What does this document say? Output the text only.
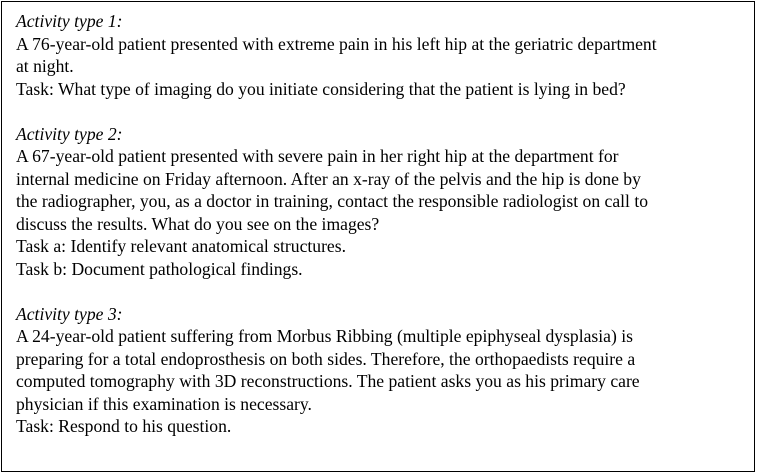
Activity type 1:
A 76-year-old patient presented with extreme pain in his left hip at the geriatric department
at night.
Task: What type of imaging do you initiate considering that the patient is lying in bed?
Activity type 2:
A 67-year-old patient presented with severe pain in her right hip at the department for
internal medicine on Friday afternoon. After an x-ray of the pelvis and the hip is done by
the radiographer, you, as a doctor in training, contact the responsible radiologist on call to
discuss the results. What do you see on the images?
Task a: Identify relevant anatomical structures.
Task b: Document pathological findings.
Activity type 3:
A 24-year-old patient suffering from Morbus Ribbing (multiple epiphyseal dysplasia) is
preparing for a total endoprosthesis on both sides. Therefore, the orthopaedists require a
computed tomography with 3D reconstructions. The patient asks you as his primary care
physician if this examination is necessary.
Task: Respond to his question.
